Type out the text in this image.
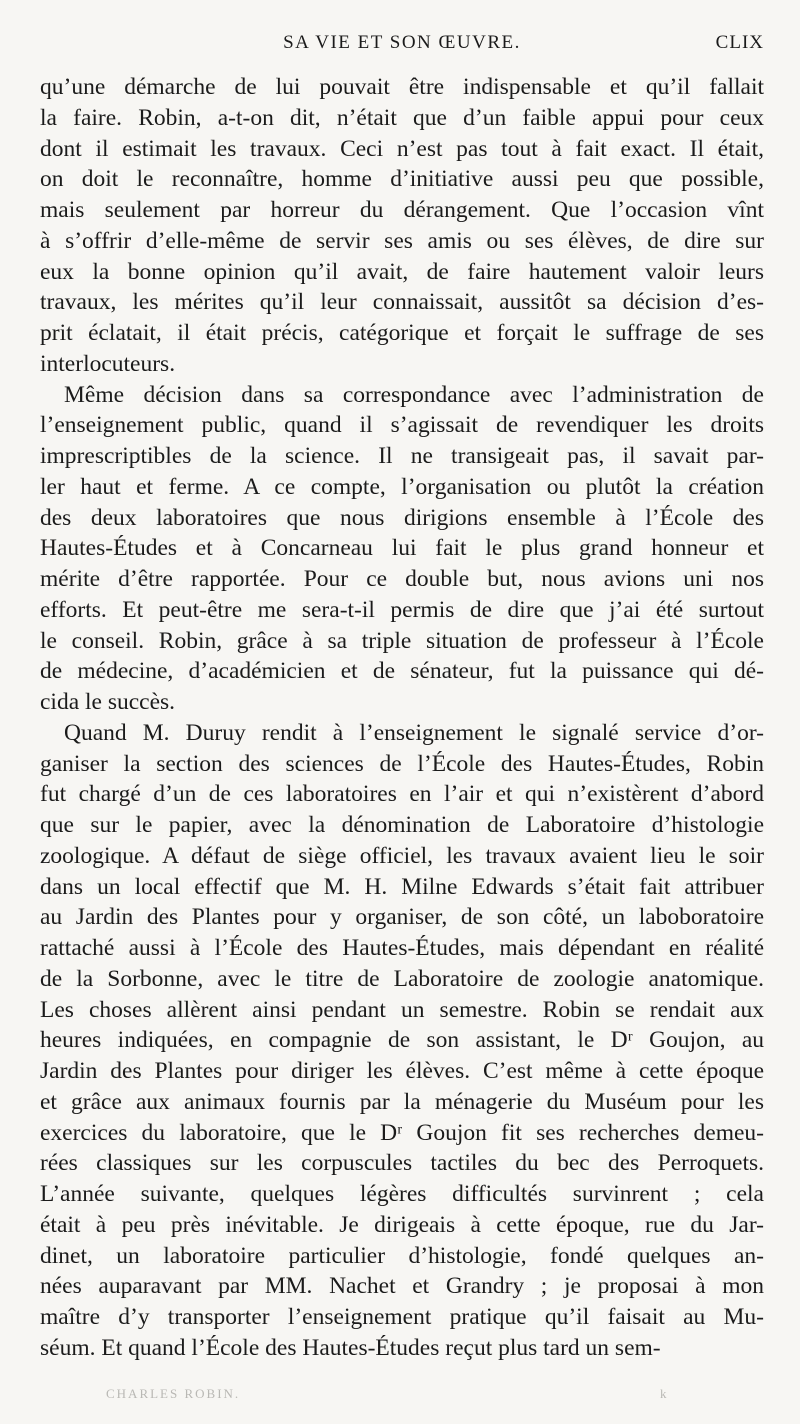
SA VIE ET SON ŒUVRE.	CLIX
qu’une démarche de lui pouvait être indispensable et qu’il fallait
la faire. Robin, a-t-on dit, n’était que d’un faible appui pour ceux
dont il estimait les travaux. Ceci n’est pas tout à fait exact. Il était,
on doit le reconnaître, homme d’initiative aussi peu que possible,
mais seulement par horreur du dérangement. Que l’occasion vînt
à s’offrir d’elle-même de servir ses amis ou ses élèves, de dire sur
eux la bonne opinion qu’il avait, de faire hautement valoir leurs
travaux, les mérites qu’il leur connaissait, aussitôt sa décision d’es-
prit éclatait, il était précis, catégorique et forçait le suffrage de ses
interlocuteurs.
Même décision dans sa correspondance avec l’administration de
l’enseignement public, quand il s’agissait de revendiquer les droits
imprescriptibles de la science. Il ne transigeait pas, il savait par-
ler haut et ferme. A ce compte, l’organisation ou plutôt la création
des deux laboratoires que nous dirigions ensemble à l’École des
Hautes-Études et à Concarneau lui fait le plus grand honneur et
mérite d’être rapportée. Pour ce double but, nous avions uni nos
efforts. Et peut-être me sera-t-il permis de dire que j’ai été surtout
le conseil. Robin, grâce à sa triple situation de professeur à l’École
de médecine, d’académicien et de sénateur, fut la puissance qui dé-
cida le succès.
Quand M. Duruy rendit à l’enseignement le signalé service d’or-
ganiser la section des sciences de l’École des Hautes-Études, Robin
fut chargé d’un de ces laboratoires en l’air et qui n’existèrent d’abord
que sur le papier, avec la dénomination de Laboratoire d’histologie
zoologique. A défaut de siège officiel, les travaux avaient lieu le soir
dans un local effectif que M. H. Milne Edwards s’était fait attribuer
au Jardin des Plantes pour y organiser, de son côté, un laboboratoire
rattaché aussi à l’École des Hautes-Études, mais dépendant en réalité
de la Sorbonne, avec le titre de Laboratoire de zoologie anatomique.
Les choses allèrent ainsi pendant un semestre. Robin se rendait aux
heures indiquées, en compagnie de son assistant, le Dʳ Goujon, au
Jardin des Plantes pour diriger les élèves. C’est même à cette époque
et grâce aux animaux fournis par la ménagerie du Muséum pour les
exercices du laboratoire, que le Dʳ Goujon fit ses recherches demeu-
rées classiques sur les corpuscules tactiles du bec des Perroquets.
L’année suivante, quelques légères difficultés survinrent ; cela
était à peu près inévitable. Je dirigeais à cette époque, rue du Jar-
dinet, un laboratoire particulier d’histologie, fondé quelques an-
nées auparavant par MM. Nachet et Grandry ; je proposai à mon
maître d’y transporter l’enseignement pratique qu’il faisait au Mu-
séum. Et quand l’École des Hautes-Études reçut plus tard un sem-
CHARLES ROBIN.	k
